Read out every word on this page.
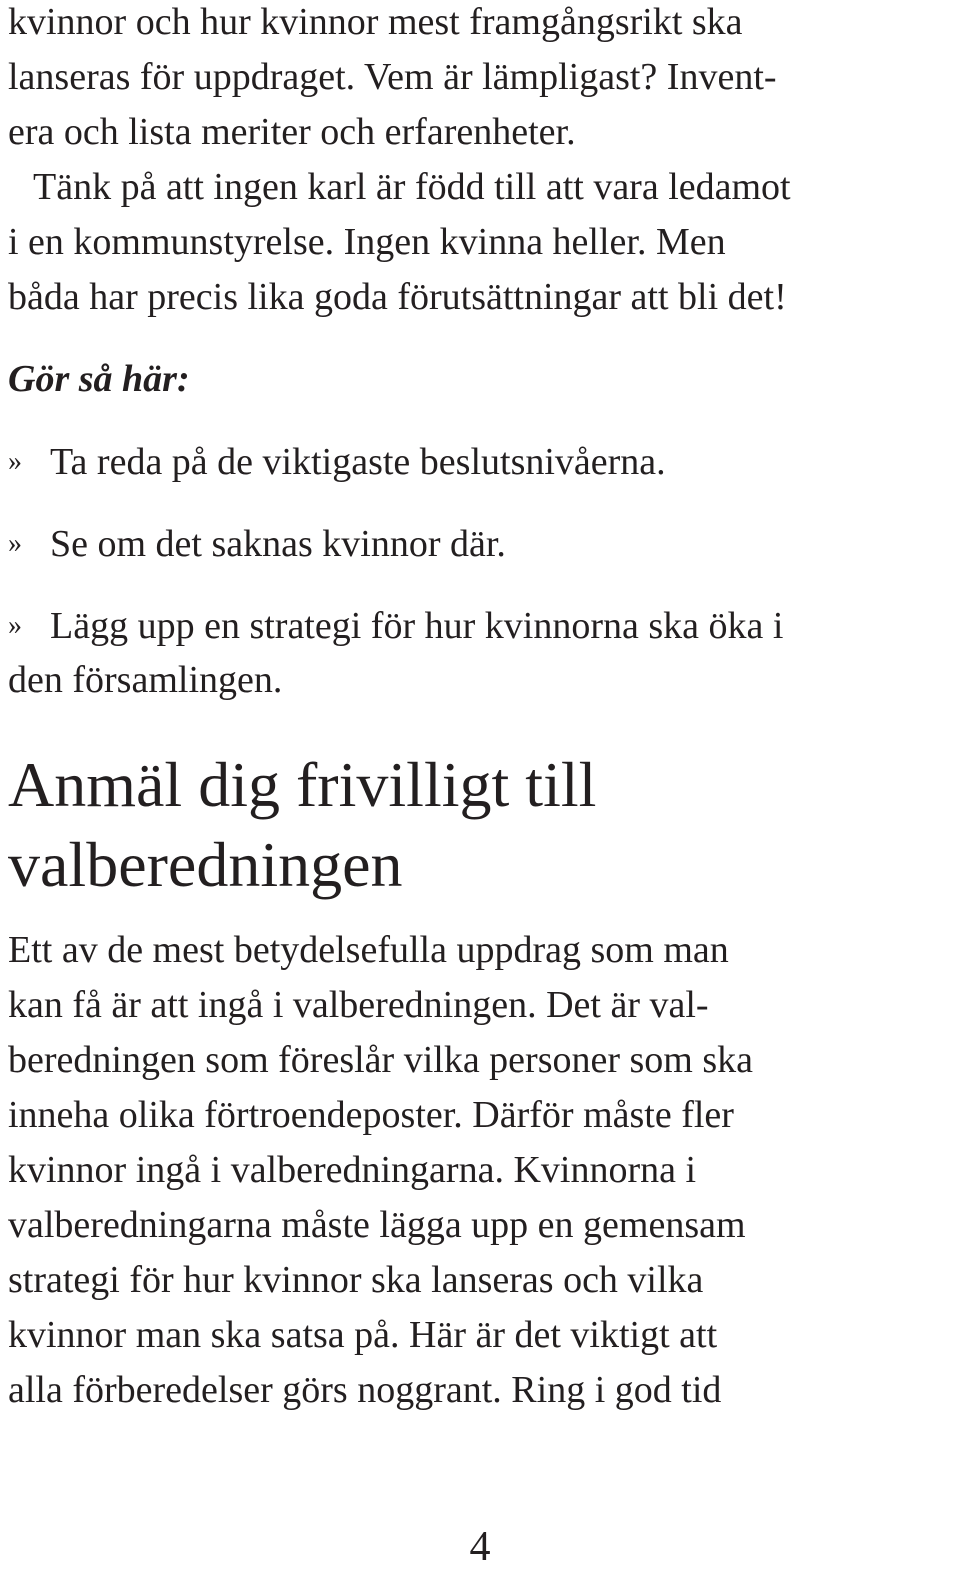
kvinnor och hur kvinnor mest framgångsrikt ska
lanseras för uppdraget. Vem är lämpligast? Invent-
era och lista meriter och erfarenheter.
Tänk på att ingen karl är född till att vara ledamot
i en kommunstyrelse. Ingen kvinna heller. Men
båda har precis lika goda förutsättningar att bli det!
Gör så här:
» Ta reda på de viktigaste beslutsnivåerna.
» Se om det saknas kvinnor där.
» Lägg upp en strategi för hur kvinnorna ska öka i
den församlingen.
Anmäl dig frivilligt till
valberedningen
Ett av de mest betydelsefulla uppdrag som man
kan få är att ingå i valberedningen. Det är val-
beredningen som föreslår vilka personer som ska
inneha olika förtroendeposter. Därför måste fler
kvinnor ingå i valberedningarna. Kvinnorna i
valberedningarna måste lägga upp en gemensam
strategi för hur kvinnor ska lanseras och vilka
kvinnor man ska satsa på. Här är det viktigt att
alla förberedelser görs noggrant. Ring i god tid
4
